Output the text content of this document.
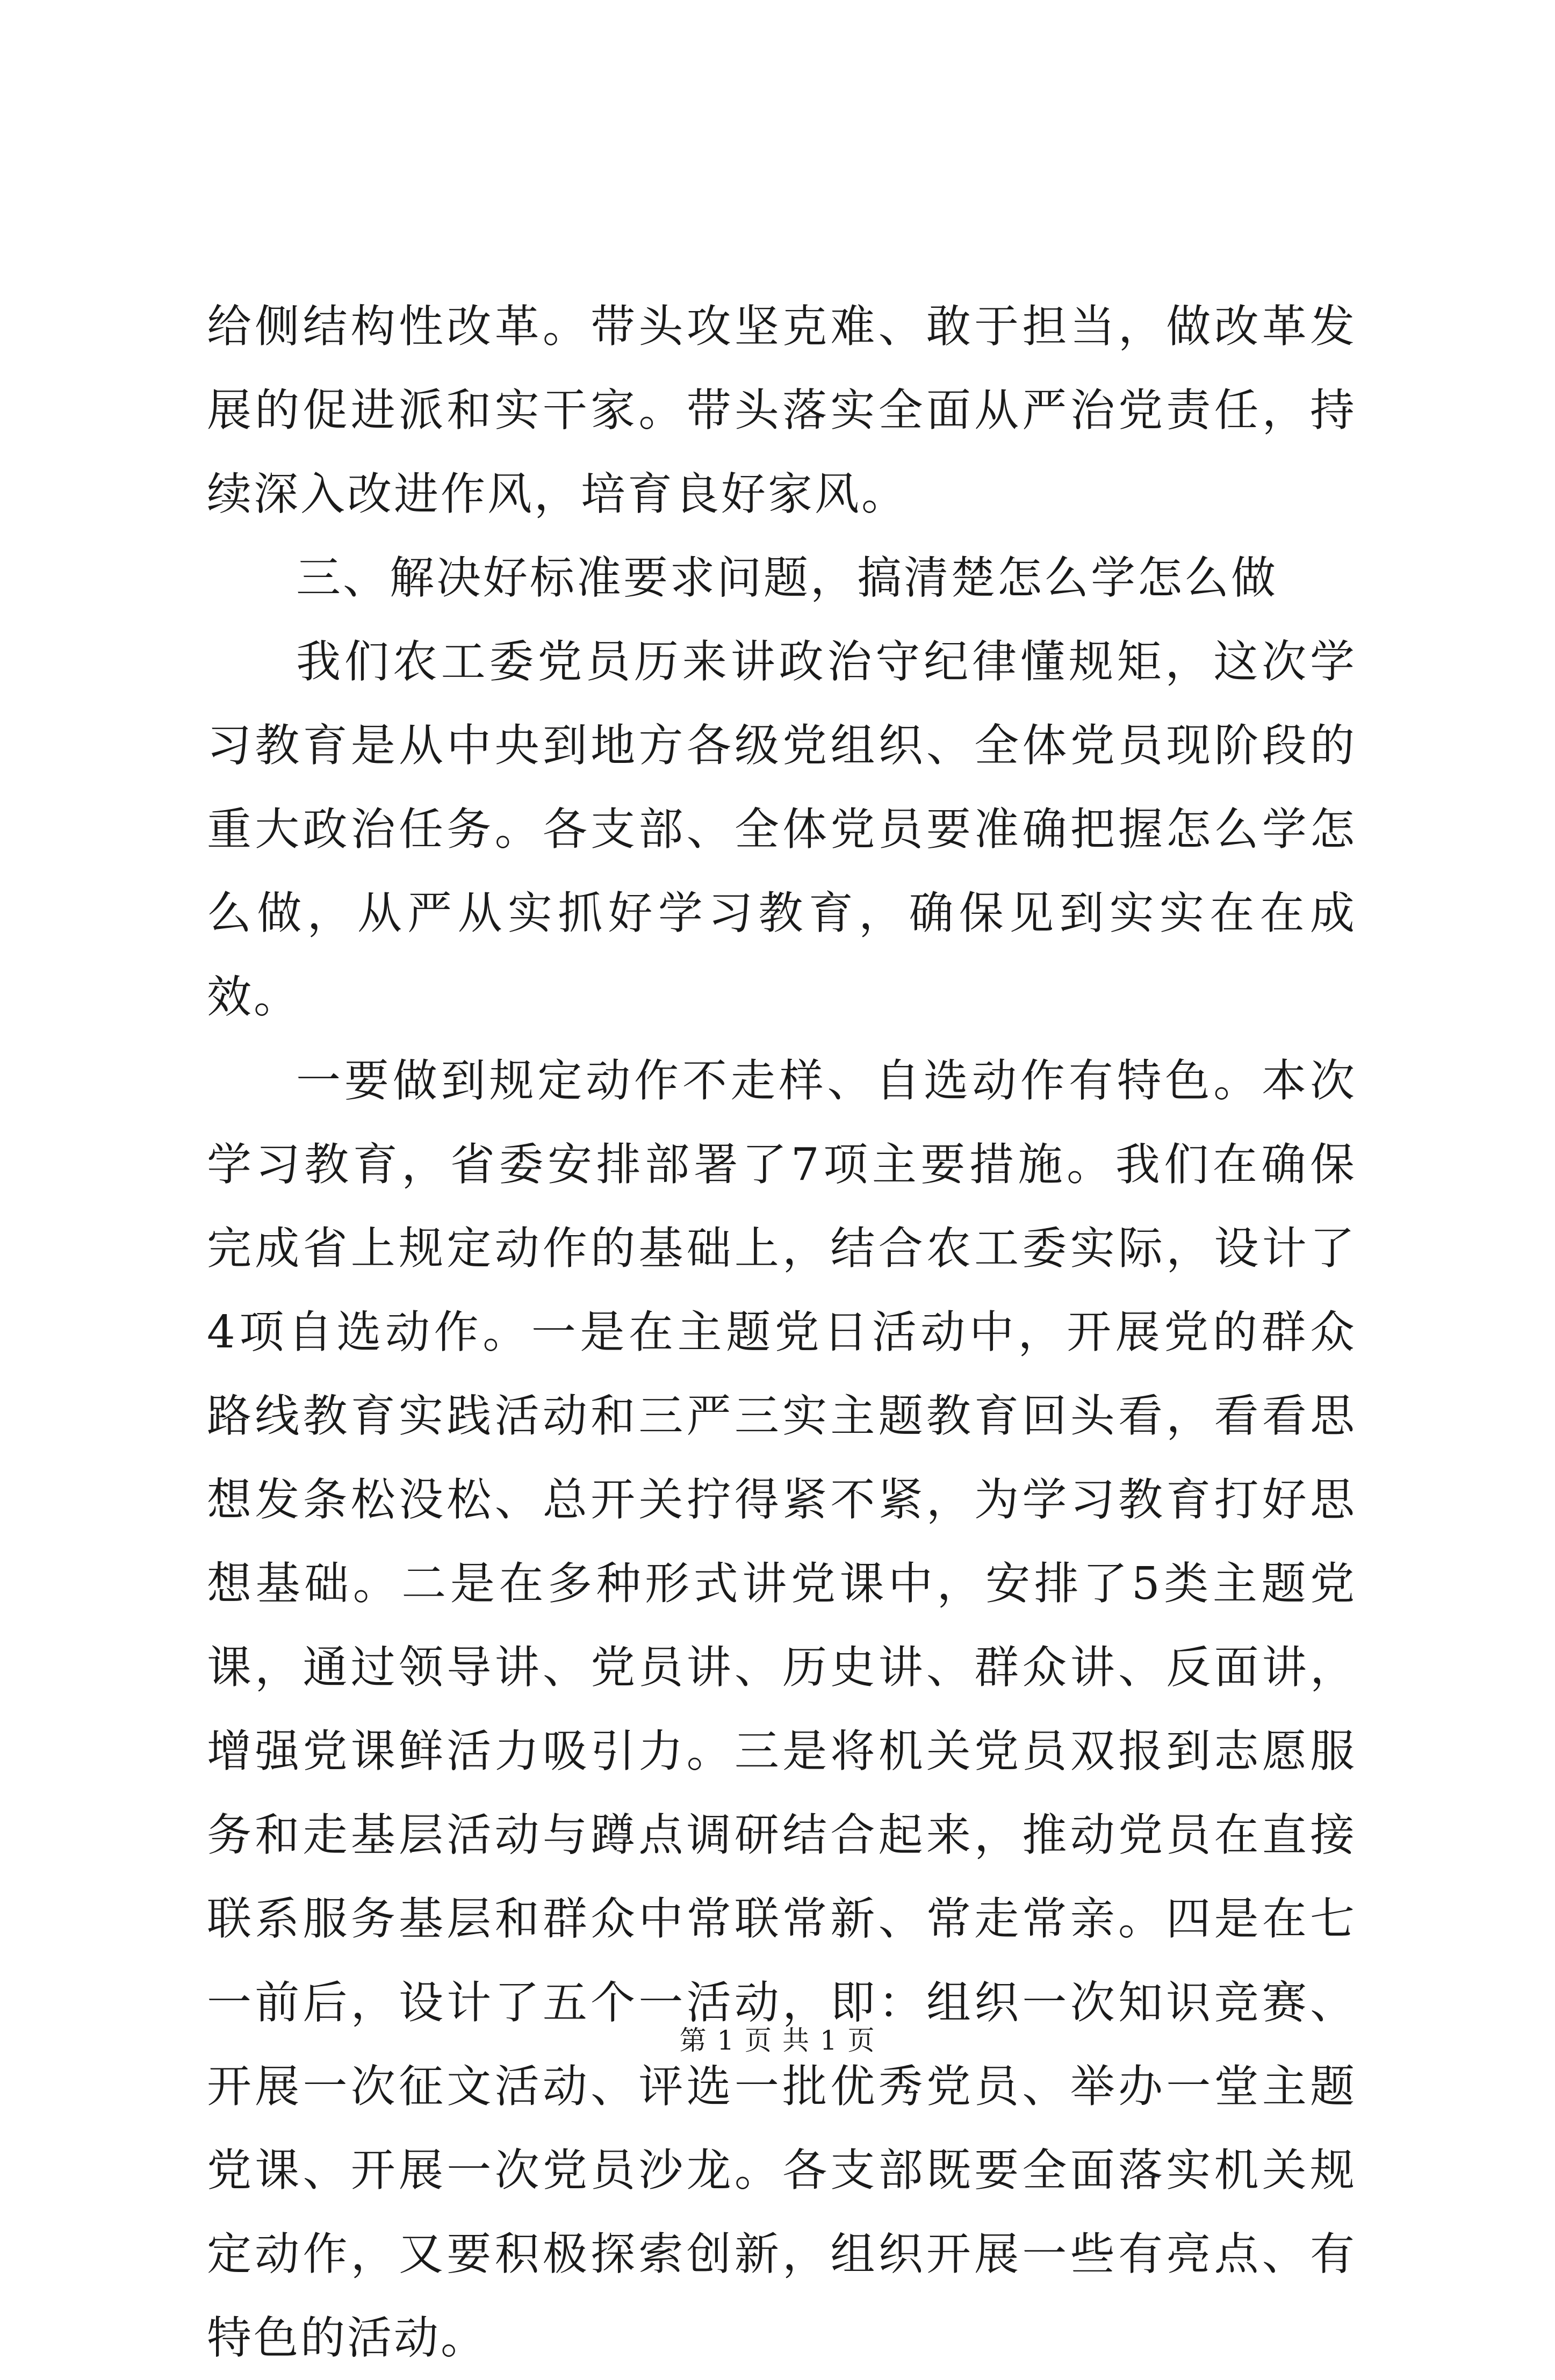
给侧结构性改革。带头攻坚克难、敢于担当，做改革发展的促进派和实干家。带头落实全面从严治党责任，持续深入改进作风，培育良好家风。

三、解决好标准要求问题，搞清楚怎么学怎么做

我们农工委党员历来讲政治守纪律懂规矩，这次学习教育是从中央到地方各级党组织、全体党员现阶段的重大政治任务。各支部、全体党员要准确把握怎么学怎么做，从严从实抓好学习教育，确保见到实实在在成效。

一要做到规定动作不走样、自选动作有特色。本次学习教育，省委安排部署了7项主要措施。我们在确保完成省上规定动作的基础上，结合农工委实际，设计了4项自选动作。一是在主题党日活动中，开展党的群众路线教育实践活动和三严三实主题教育回头看，看看思想发条松没松、总开关拧得紧不紧，为学习教育打好思想基础。二是在多种形式讲党课中，安排了5类主题党课，通过领导讲、党员讲、历史讲、群众讲、反面讲，增强党课鲜活力吸引力。三是将机关党员双报到志愿服务和走基层活动与蹲点调研结合起来，推动党员在直接联系服务基层和群众中常联常新、常走常亲。四是在七一前后，设计了五个一活动，即：组织一次知识竞赛、开展一次征文活动、评选一批优秀党员、举办一堂主题党课、开展一次党员沙龙。各支部既要全面落实机关规定动作，又要积极探索创新，组织开展一些有亮点、有特色的活动。

第 1 页 共 1 页
